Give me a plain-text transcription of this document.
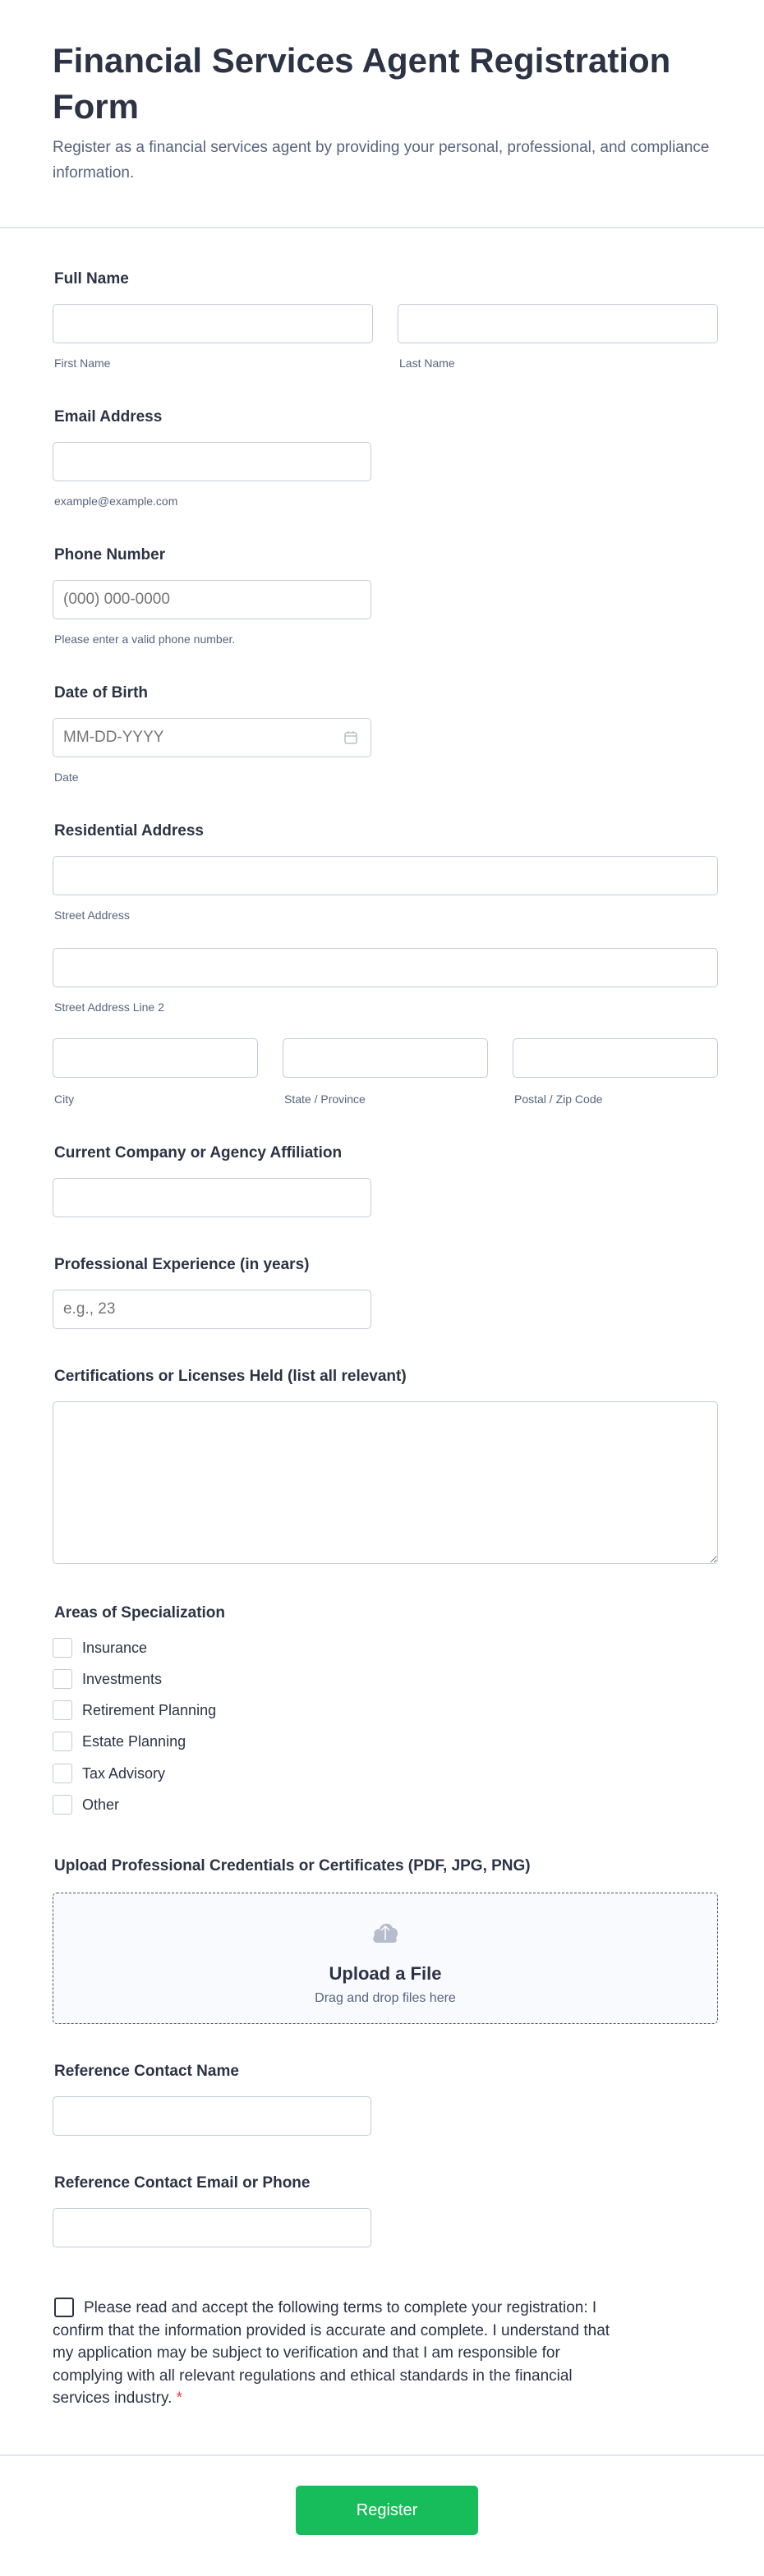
Financial Services Agent Registration Form

Register as a financial services agent by providing your personal, professional, and compliance information.

Full Name
First Name	Last Name
Email Address
example@example.com
Phone Number
(000) 000-0000
Please enter a valid phone number.
Date of Birth
MM-DD-YYYY
Date
Residential Address
Street Address
Street Address Line 2
City	State / Province	Postal / Zip Code
Current Company or Agency Affiliation
Professional Experience (in years)
e.g., 23
Certifications or Licenses Held (list all relevant)
Areas of Specialization
Insurance
Investments
Retirement Planning
Estate Planning
Tax Advisory
Other
Upload Professional Credentials or Certificates (PDF, JPG, PNG)
Upload a File
Drag and drop files here
Reference Contact Name
Reference Contact Email or Phone
Please read and accept the following terms to complete your registration: I confirm that the information provided is accurate and complete. I understand that my application may be subject to verification and that I am responsible for complying with all relevant regulations and ethical standards in the financial services industry. *
Register
